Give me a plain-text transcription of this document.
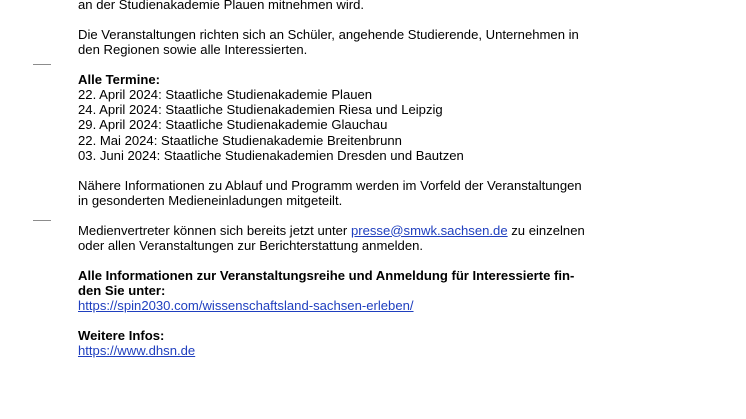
an der Studienakademie Plauen mitnehmen wird.
Die Veranstaltungen richten sich an Schüler, angehende Studierende, Unternehmen in
den Regionen sowie alle Interessierten.
Alle Termine:
22. April 2024: Staatliche Studienakademie Plauen
24. April 2024: Staatliche Studienakademien Riesa und Leipzig
29. April 2024: Staatliche Studienakademie Glauchau
22. Mai 2024: Staatliche Studienakademie Breitenbrunn
03. Juni 2024: Staatliche Studienakademien Dresden und Bautzen
Nähere Informationen zu Ablauf und Programm werden im Vorfeld der Veranstaltungen
in gesonderten Medieneinladungen mitgeteilt.
Medienvertreter können sich bereits jetzt unter presse@smwk.sachsen.de zu einzelnen
oder allen Veranstaltungen zur Berichterstattung anmelden.
Alle Informationen zur Veranstaltungsreihe und Anmeldung für Interessierte fin-
den Sie unter:
https://spin2030.com/wissenschaftsland-sachsen-erleben/
Weitere Infos:
https://www.dhsn.de
